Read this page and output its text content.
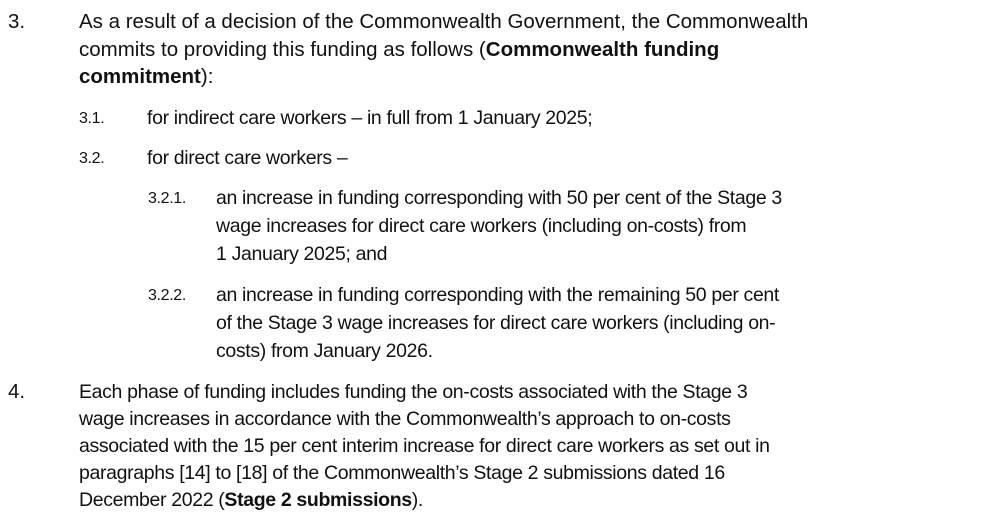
3.	As a result of a decision of the Commonwealth Government, the Commonwealth
commits to providing this funding as follows (Commonwealth funding
commitment):
3.1. for indirect care workers – in full from 1 January 2025;
3.2. for direct care workers –
3.2.1. an increase in funding corresponding with 50 per cent of the Stage 3
wage increases for direct care workers (including on-costs) from
1 January 2025; and
3.2.2. an increase in funding corresponding with the remaining 50 per cent
of the Stage 3 wage increases for direct care workers (including on-
costs) from January 2026.
4.	Each phase of funding includes funding the on-costs associated with the Stage 3
wage increases in accordance with the Commonwealth’s approach to on-costs
associated with the 15 per cent interim increase for direct care workers as set out in
paragraphs [14] to [18] of the Commonwealth’s Stage 2 submissions dated 16
December 2022 (Stage 2 submissions).
